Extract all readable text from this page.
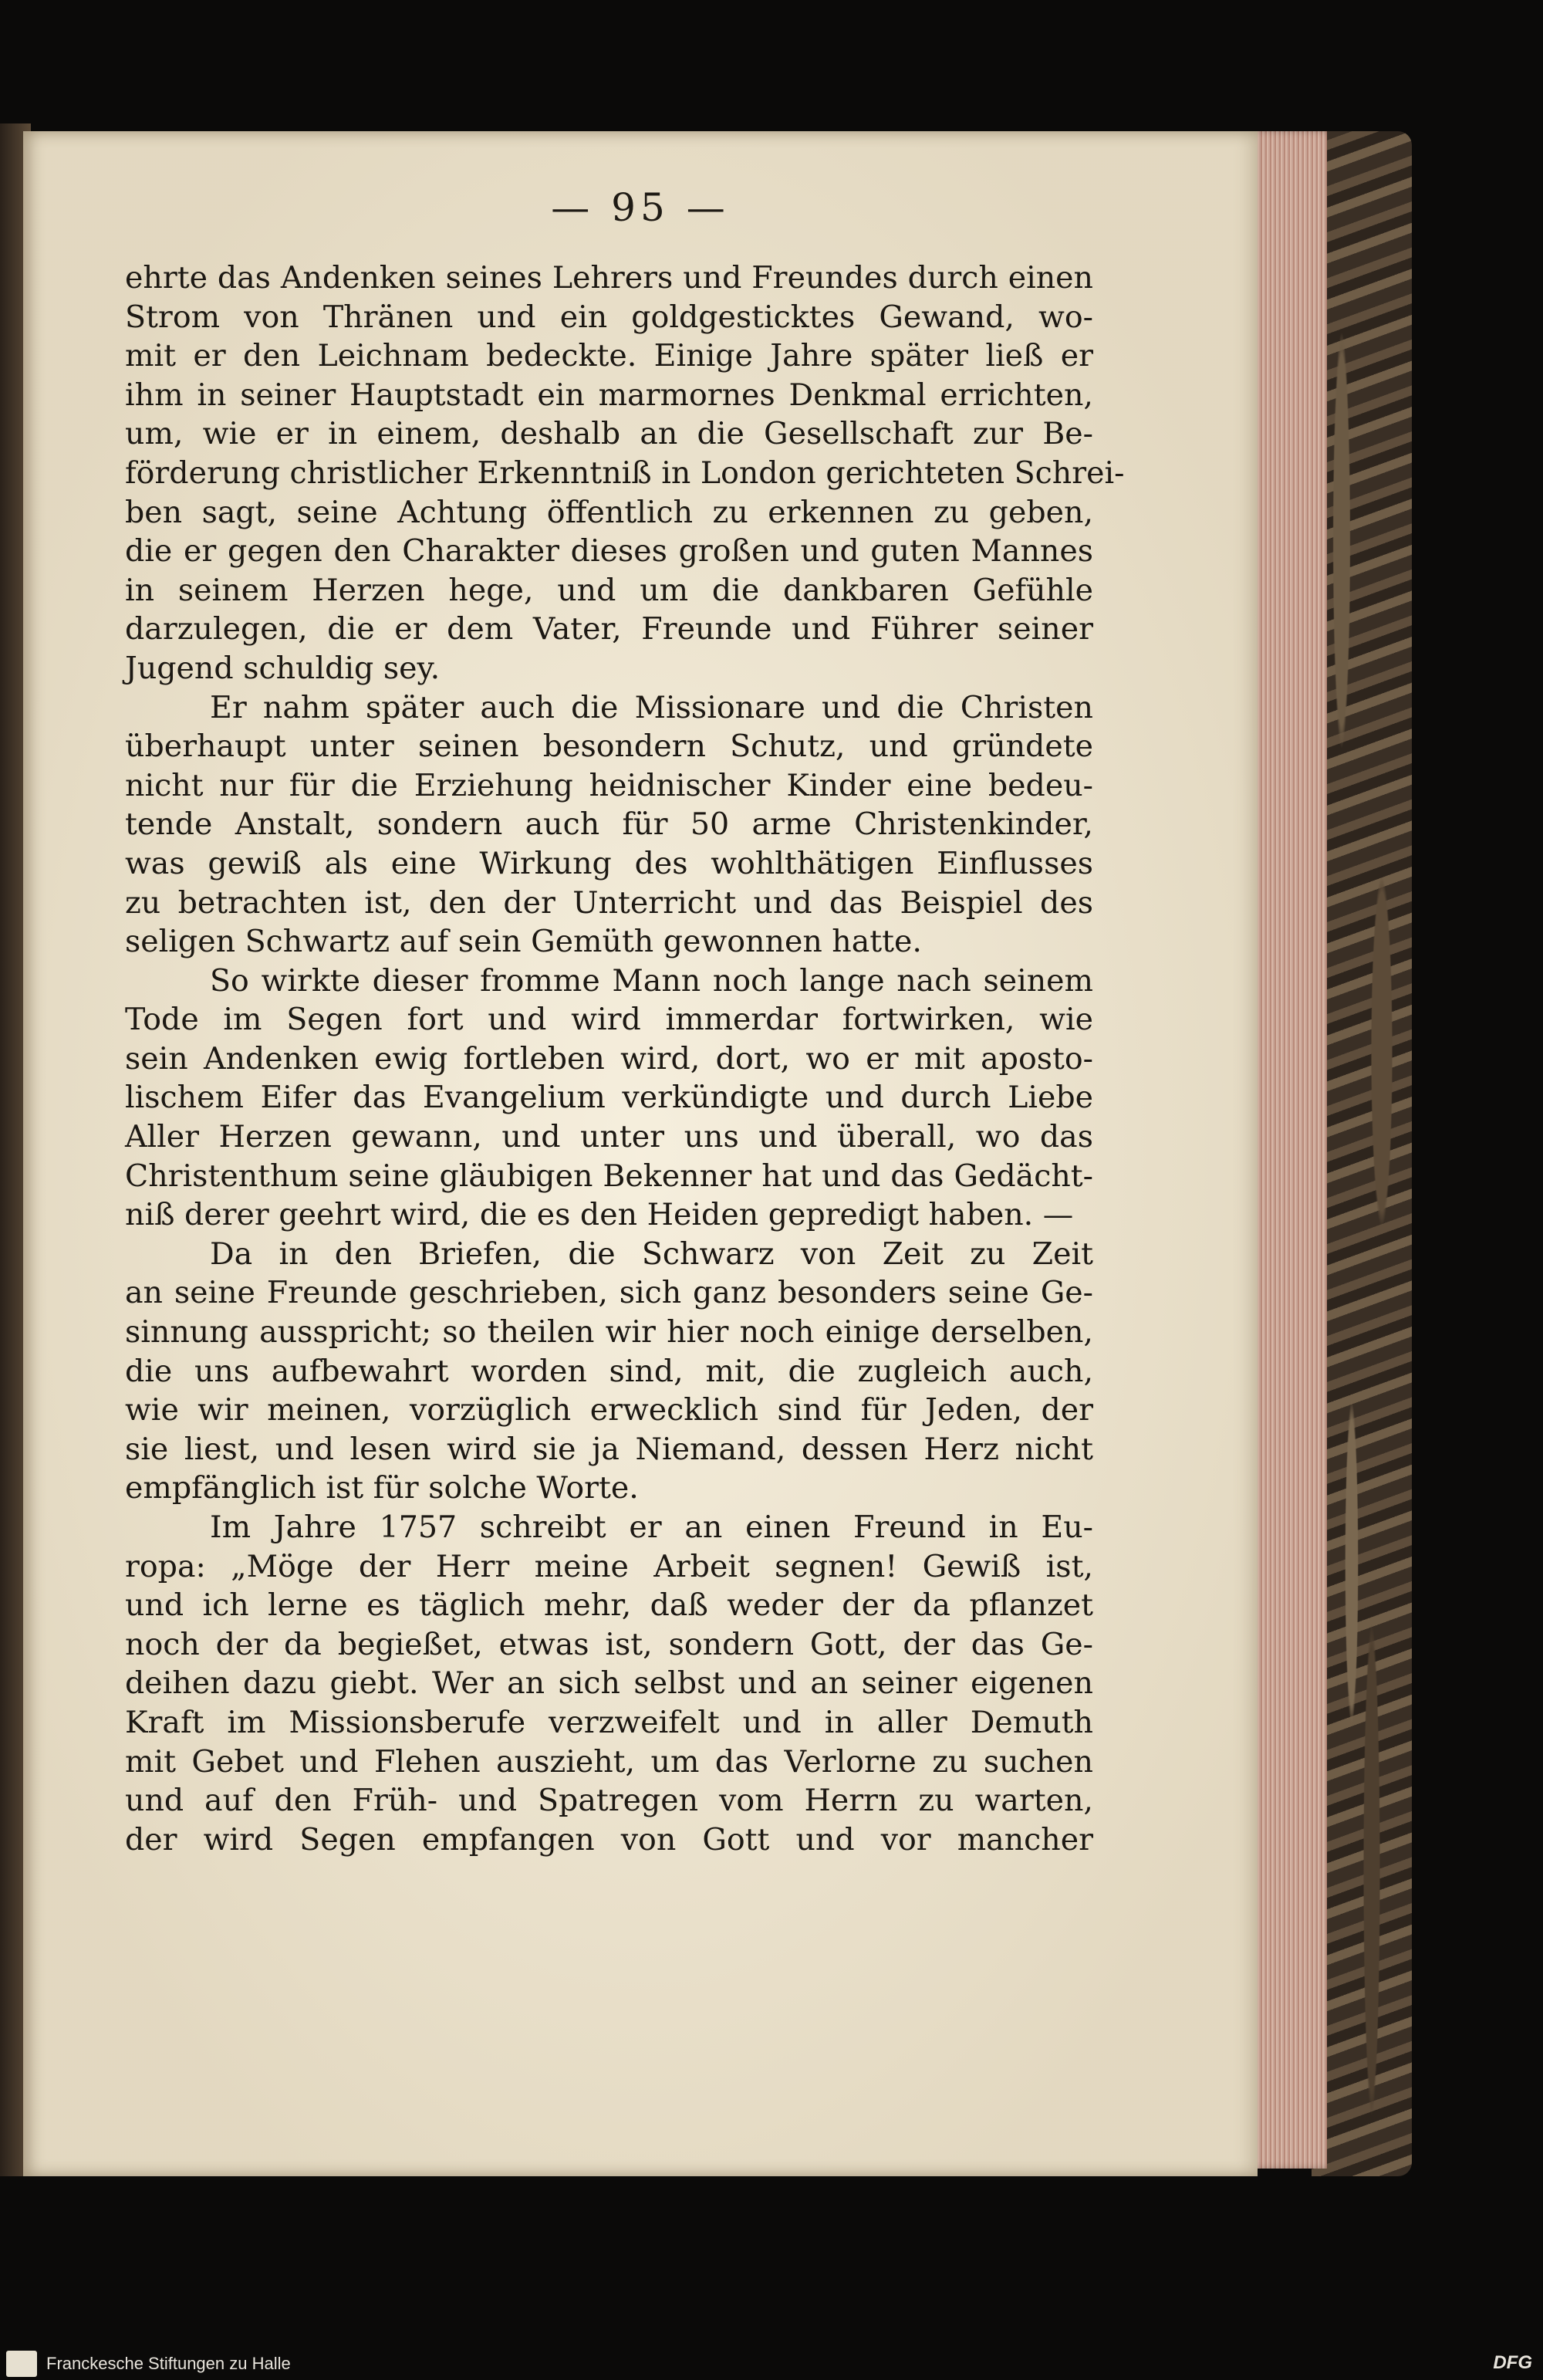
— 95 —
ehrte das Andenken seines Lehrers und Freundes durch einen
Strom von Thränen und ein goldgesticktes Gewand, wo-
mit er den Leichnam bedeckte. Einige Jahre später ließ er
ihm in seiner Hauptstadt ein marmornes Denkmal errichten,
um, wie er in einem, deshalb an die Gesellschaft zur Be-
förderung christlicher Erkenntniß in London gerichteten Schrei-
ben sagt, seine Achtung öffentlich zu erkennen zu geben,
die er gegen den Charakter dieses großen und guten Mannes
in seinem Herzen hege, und um die dankbaren Gefühle
darzulegen, die er dem Vater, Freunde und Führer seiner
Jugend schuldig sey.
Er nahm später auch die Missionare und die Christen
überhaupt unter seinen besondern Schutz, und gründete
nicht nur für die Erziehung heidnischer Kinder eine bedeu-
tende Anstalt, sondern auch für 50 arme Christenkinder,
was gewiß als eine Wirkung des wohlthätigen Einflusses
zu betrachten ist, den der Unterricht und das Beispiel des
seligen Schwartz auf sein Gemüth gewonnen hatte.
So wirkte dieser fromme Mann noch lange nach seinem
Tode im Segen fort und wird immerdar fortwirken, wie
sein Andenken ewig fortleben wird, dort, wo er mit aposto-
lischem Eifer das Evangelium verkündigte und durch Liebe
Aller Herzen gewann, und unter uns und überall, wo das
Christenthum seine gläubigen Bekenner hat und das Gedächt-
niß derer geehrt wird, die es den Heiden gepredigt haben. —
Da in den Briefen, die Schwarz von Zeit zu Zeit
an seine Freunde geschrieben, sich ganz besonders seine Ge-
sinnung ausspricht; so theilen wir hier noch einige derselben,
die uns aufbewahrt worden sind, mit, die zugleich auch,
wie wir meinen, vorzüglich erwecklich sind für Jeden, der
sie liest, und lesen wird sie ja Niemand, dessen Herz nicht
empfänglich ist für solche Worte.
Im Jahre 1757 schreibt er an einen Freund in Eu-
ropa: „Möge der Herr meine Arbeit segnen! Gewiß ist,
und ich lerne es täglich mehr, daß weder der da pflanzet
noch der da begießet, etwas ist, sondern Gott, der das Ge-
deihen dazu giebt. Wer an sich selbst und an seiner eigenen
Kraft im Missionsberufe verzweifelt und in aller Demuth
mit Gebet und Flehen auszieht, um das Verlorne zu suchen
und auf den Früh- und Spatregen vom Herrn zu warten,
der wird Segen empfangen von Gott und vor mancher
Franckesche Stiftungen zu Halle	DFG
